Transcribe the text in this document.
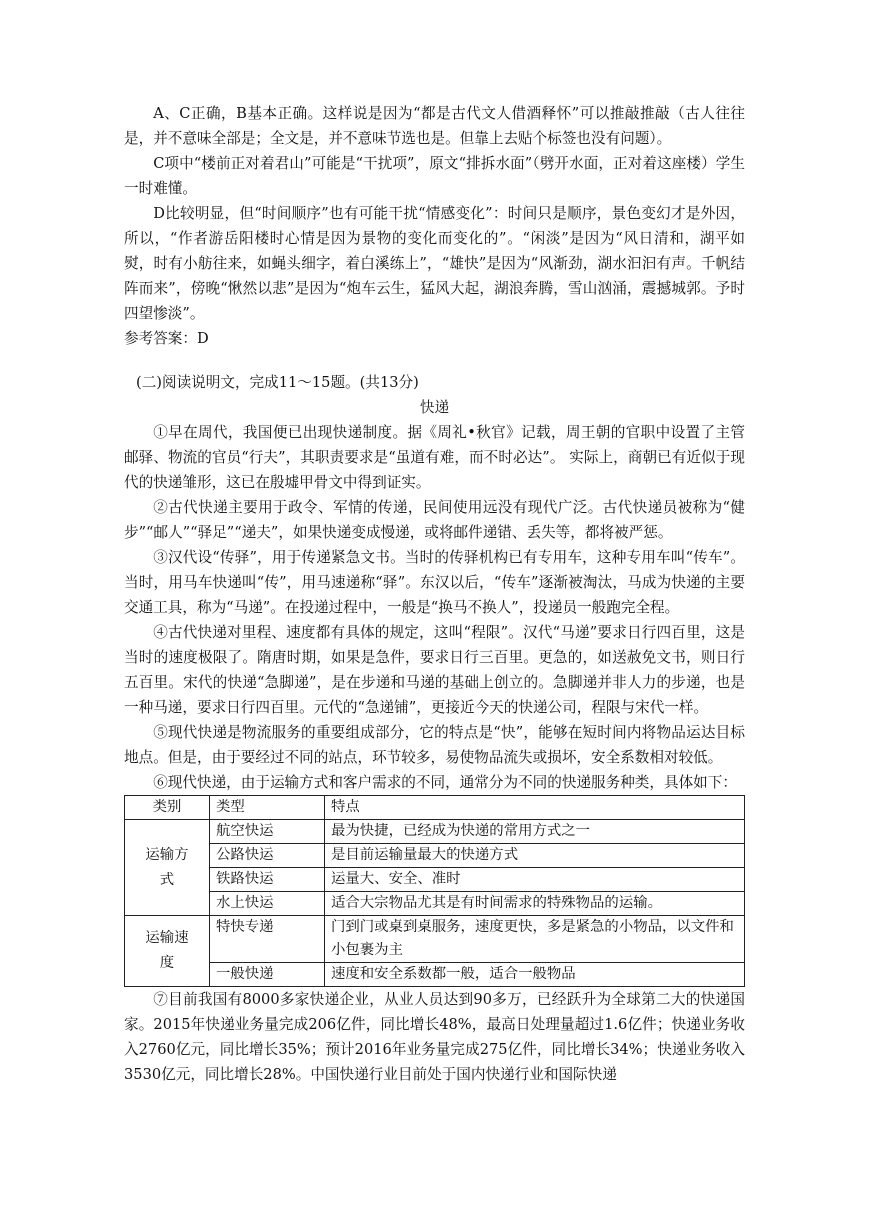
A、C正确，B基本正确。这样说是因为“都是古代文人借酒释怀”可以推敲推敲（古人往往是，并不意味全部是；全文是，并不意味节选也是。但靠上去贴个标签也没有问题）。

C项中“楼前正对着君山”可能是“干扰项”，原文“排拆水面”（劈开水面，正对着这座楼）学生一时难懂。

D比较明显，但“时间顺序”也有可能干扰“情感变化”：时间只是顺序，景色变幻才是外因，所以，“作者游岳阳楼时心情是因为景物的变化而变化的”。“闲淡”是因为“风日清和，湖平如熨，时有小舫往来，如蝇头细字，着白溪练上”，“雄快”是因为“风渐劲，湖水汩汩有声。千帆结阵而来”，傍晚“愀然以悲”是因为“炮车云生，猛风大起，湖浪奔腾，雪山汹涌，震撼城郭。予时四望惨淡”。

参考答案：D

(二)阅读说明文，完成11～15题。(共13分)

快递

①早在周代，我国便已出现快递制度。据《周礼•秋官》记载，周王朝的官职中设置了主管邮驿、物流的官员“行夫”，其职责要求是“虽道有难，而不时必达”。 实际上，商朝已有近似于现代的快递雏形，这已在殷墟甲骨文中得到证实。

②古代快递主要用于政令、军情的传递，民间使用远没有现代广泛。古代快递员被称为“健步”“邮人”“驿足”“递夫”，如果快递变成慢递，或将邮件递错、丢失等，都将被严惩。

③汉代设“传驿”，用于传递紧急文书。当时的传驿机构已有专用车，这种专用车叫“传车”。当时，用马车快递叫“传”，用马速递称“驿”。东汉以后，“传车”逐渐被淘汰，马成为快递的主要交通工具，称为“马递”。在投递过程中，一般是“换马不换人”，投递员一般跑完全程。

④古代快递对里程、速度都有具体的规定，这叫“程限”。汉代“马递”要求日行四百里，这是当时的速度极限了。隋唐时期，如果是急件，要求日行三百里。更急的，如送赦免文书，则日行五百里。宋代的快递“急脚递”，是在步递和马递的基础上创立的。急脚递并非人力的步递，也是一种马递，要求日行四百里。元代的“急递铺”，更接近今天的快递公司，程限与宋代一样。

⑤现代快递是物流服务的重要组成部分，它的特点是“快”，能够在短时间内将物品运达目标地点。但是，由于要经过不同的站点，环节较多，易使物品流失或损坏，安全系数相对较低。

⑥现代快递，由于运输方式和客户需求的不同，通常分为不同的快递服务种类，具体如下：

类别	类型	特点

运输方式	航空快运	最为快捷，已经成为快递的常用方式之一
	公路快运	是目前运输量最大的快递方式
	铁路快运	运量大、安全、准时
	水上快运	适合大宗物品尤其是有时间需求的特殊物品的运输。

运输速度	特快专递	门到门或桌到桌服务，速度更快，多是紧急的小物品，以文件和小包裹为主
	一般快递	速度和安全系数都一般，适合一般物品

⑦目前我国有8000多家快递企业，从业人员达到90多万，已经跃升为全球第二大的快递国家。2015年快递业务量完成206亿件，同比增长48%，最高日处理量超过1.6亿件；快递业务收入2760亿元，同比增长35%；预计2016年业务量完成275亿件，同比增长34%；快递业务收入3530亿元，同比增长28%。中国快递行业目前处于国内快递行业和国际快递
